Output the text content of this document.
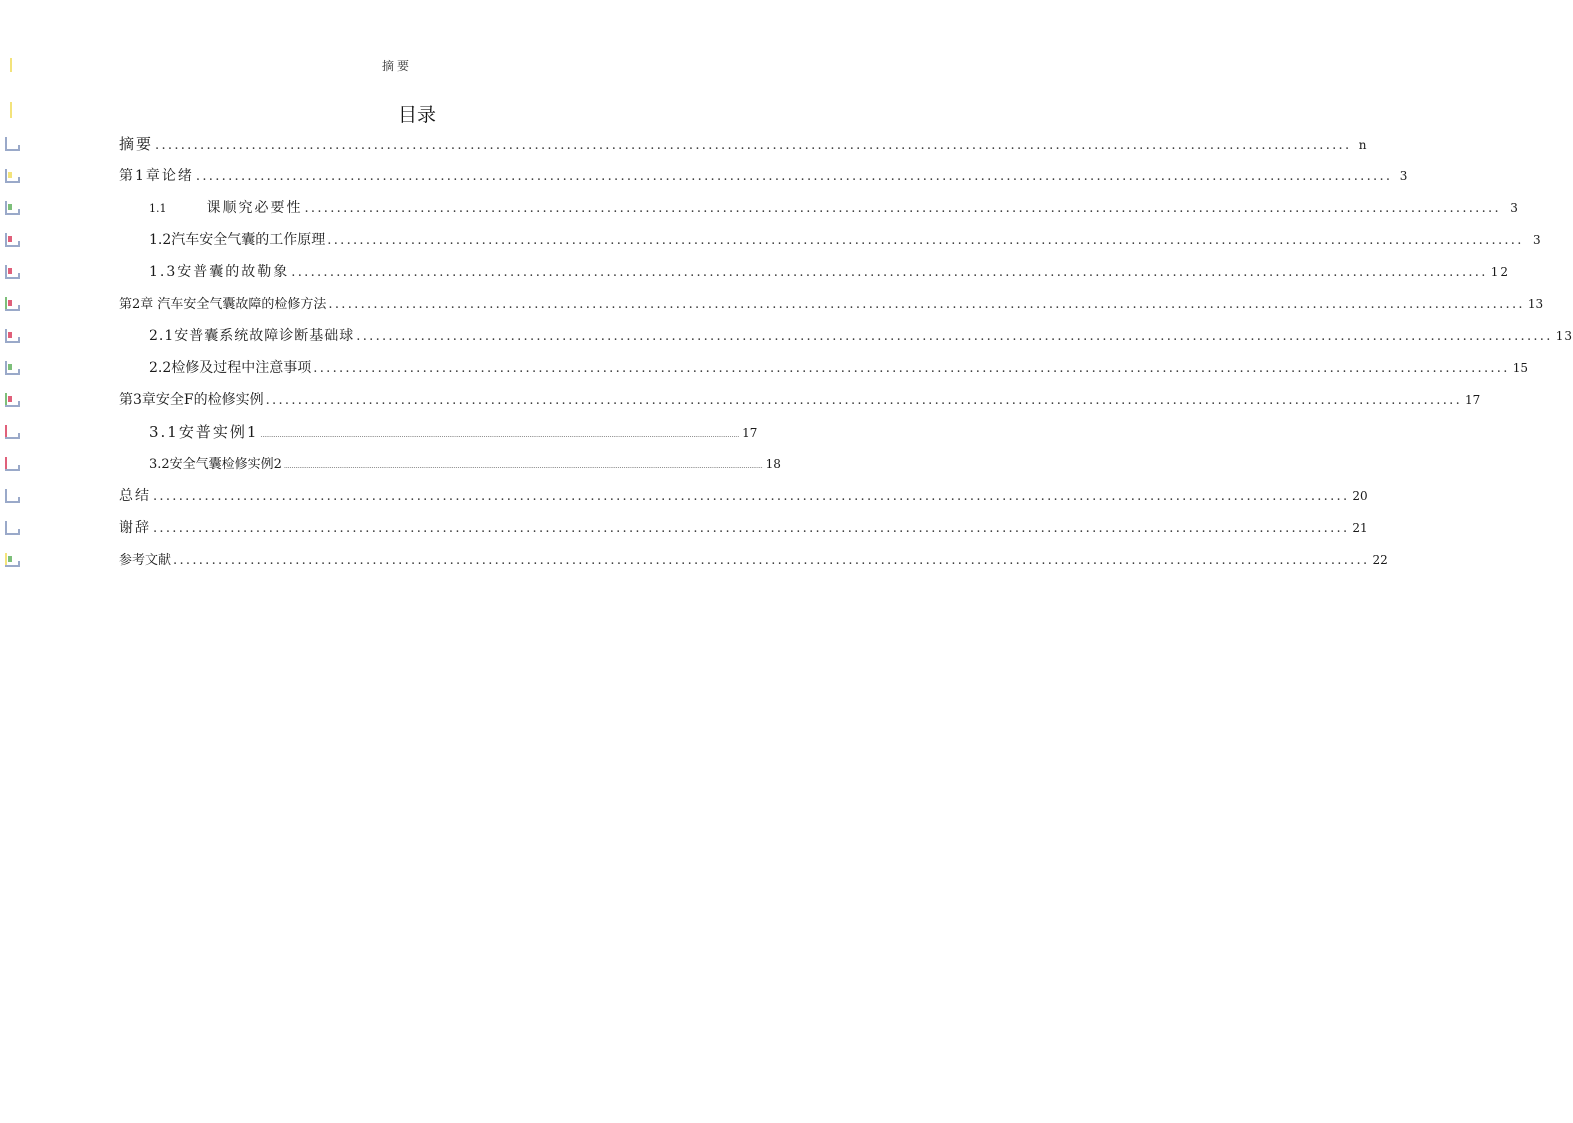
摘要
目录
摘要 .......................................................................................................................................................................................... n
第1章论绪 .......................................................................................................................................................................................... 3
1.1	课顺究必要性 .......................................................................................................................................................................................... 3
1.2汽车安全气囊的工作原理 .......................................................................................................................................................................................... 3
1.3安普囊的故勒象 .......................................................................................................................................................................................... 12
第2章 汽车安全气囊故障的检修方法 .......................................................................................................................................................................................... 13
2.1安普囊系统故障诊断基础球 .......................................................................................................................................................................................... 13
2.2检修及过程中注意事项 .......................................................................................................................................................................................... 15
第3章安全F的检修实例 .......................................................................................................................................................................................... 17
3.1安普实例1 ........................................................................................................................................................................................................................................................... 17
3.2安全气囊检修实例2 ........................................................................................................................................................................................................................................................... 18
总结 .......................................................................................................................................................................................... 20
谢辞 .......................................................................................................................................................................................... 21
参考文献 .......................................................................................................................................................................................... 22
